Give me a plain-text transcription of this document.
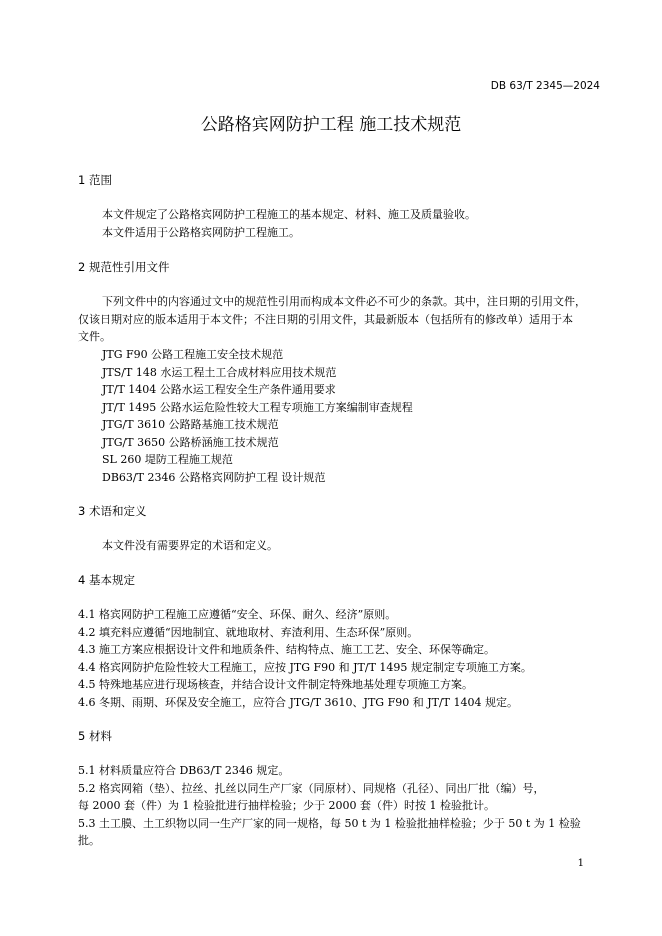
DB 63/T 2345—2024
公路格宾网防护工程 施工技术规范
1 范围
本文件规定了公路格宾网防护工程施工的基本规定、材料、施工及质量验收。
本文件适用于公路格宾网防护工程施工。
2 规范性引用文件
下列文件中的内容通过文中的规范性引用而构成本文件必不可少的条款。其中，注日期的引用文件，
仅该日期对应的版本适用于本文件；不注日期的引用文件，其最新版本（包括所有的修改单）适用于本
文件。
JTG F90 公路工程施工安全技术规范
JTS/T 148 水运工程土工合成材料应用技术规范
JT/T 1404 公路水运工程安全生产条件通用要求
JT/T 1495 公路水运危险性较大工程专项施工方案编制审查规程
JTG/T 3610 公路路基施工技术规范
JTG/T 3650 公路桥涵施工技术规范
SL 260 堤防工程施工规范
DB63/T 2346 公路格宾网防护工程 设计规范
3 术语和定义
本文件没有需要界定的术语和定义。
4 基本规定
4.1 格宾网防护工程施工应遵循“安全、环保、耐久、经济”原则。
4.2 填充料应遵循“因地制宜、就地取材、弃渣利用、生态环保”原则。
4.3 施工方案应根据设计文件和地质条件、结构特点、施工工艺、安全、环保等确定。
4.4 格宾网防护危险性较大工程施工，应按 JTG F90 和 JT/T 1495 规定制定专项施工方案。
4.5 特殊地基应进行现场核查，并结合设计文件制定特殊地基处理专项施工方案。
4.6 冬期、雨期、环保及安全施工，应符合 JTG/T 3610、JTG F90 和 JT/T 1404 规定。
5 材料
5.1 材料质量应符合 DB63/T 2346 规定。
5.2 格宾网箱（垫）、拉丝、扎丝以同生产厂家（同原材）、同规格（孔径）、同出厂批（编）号，
每 2000 套（件）为 1 检验批进行抽样检验；少于 2000 套（件）时按 1 检验批计。
5.3 土工膜、土工织物以同一生产厂家的同一规格，每 50 t 为 1 检验批抽样检验；少于 50 t 为 1 检验
批。
1
